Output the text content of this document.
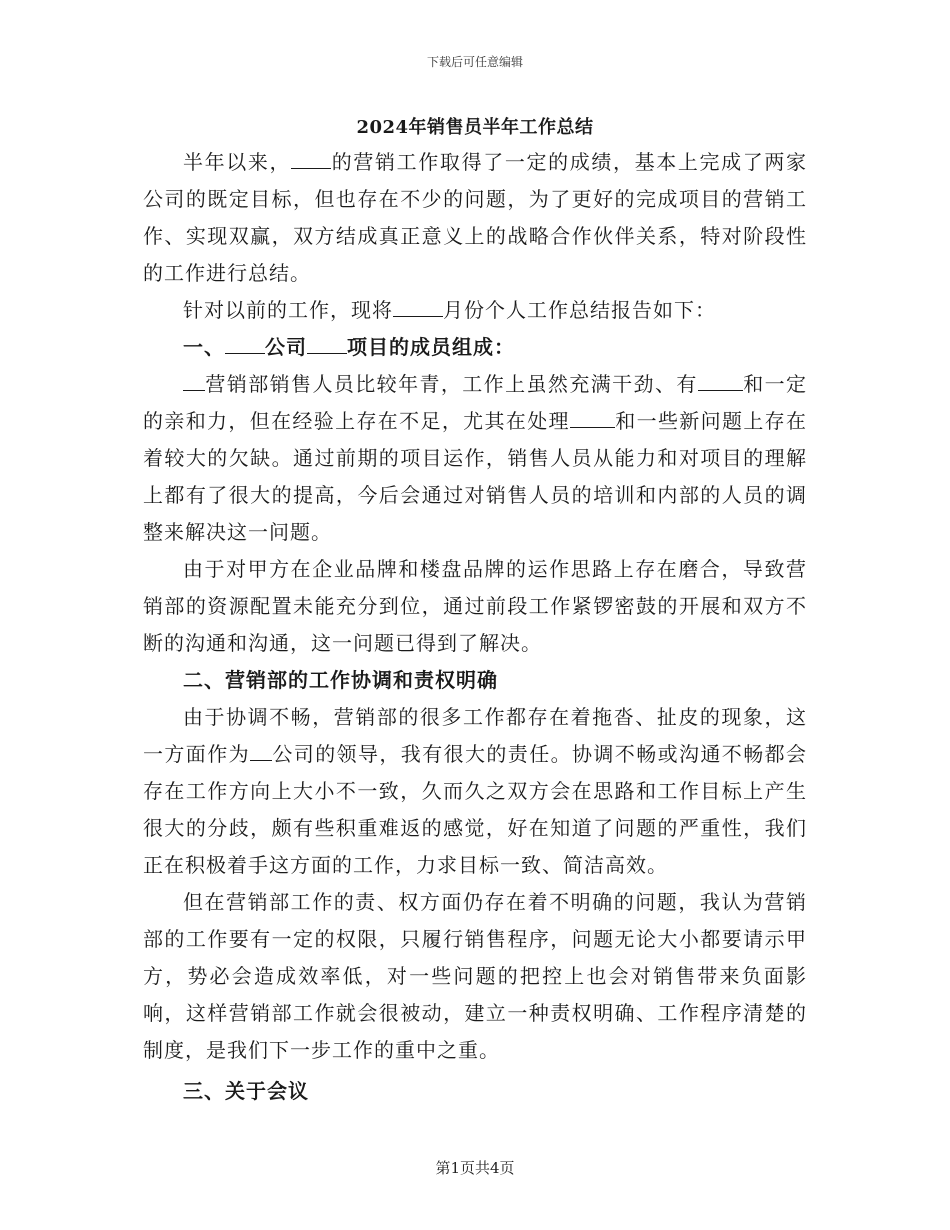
下载后可任意编辑
2024年销售员半年工作总结

半年以来， 的营销工作取得了一定的成绩，基本上完成了两家公司的既定目标，但也存在不少的问题，为了更好的完成项目的营销工作、实现双赢，双方结成真正意义上的战略合作伙伴关系，特对阶段性的工作进行总结。

针对以前的工作，现将	月份个人工作总结报告如下：

一、 公司 项目的成员组成：

营销部销售人员比较年青，工作上虽然充满干劲、有 和一定的亲和力，但在经验上存在不足，尤其在处理 和一些新问题上存在着较大的欠缺。通过前期的项目运作，销售人员从能力和对项目的理解上都有了很大的提高，今后会通过对销售人员的培训和内部的人员的调整来解决这一问题。

由于对甲方在企业品牌和楼盘品牌的运作思路上存在磨合，导致营销部的资源配置未能充分到位，通过前段工作紧锣密鼓的开展和双方不断的沟通和沟通，这一问题已得到了解决。

二、营销部的工作协调和责权明确

由于协调不畅，营销部的很多工作都存在着拖沓、扯皮的现象，这一方面作为 公司的领导，我有很大的责任。协调不畅或沟通不畅都会存在工作方向上大小不一致，久而久之双方会在思路和工作目标上产生很大的分歧，颇有些积重难返的感觉，好在知道了问题的严重性，我们正在积极着手这方面的工作，力求目标一致、简洁高效。

但在营销部工作的责、权方面仍存在着不明确的问题，我认为营销部的工作要有一定的权限，只履行销售程序，问题无论大小都要请示甲方，势必会造成效率低，对一些问题的把控上也会对销售带来负面影响，这样营销部工作就会很被动，建立一种责权明确、工作程序清楚的制度，是我们下一步工作的重中之重。

三、关于会议

第1页共4页
